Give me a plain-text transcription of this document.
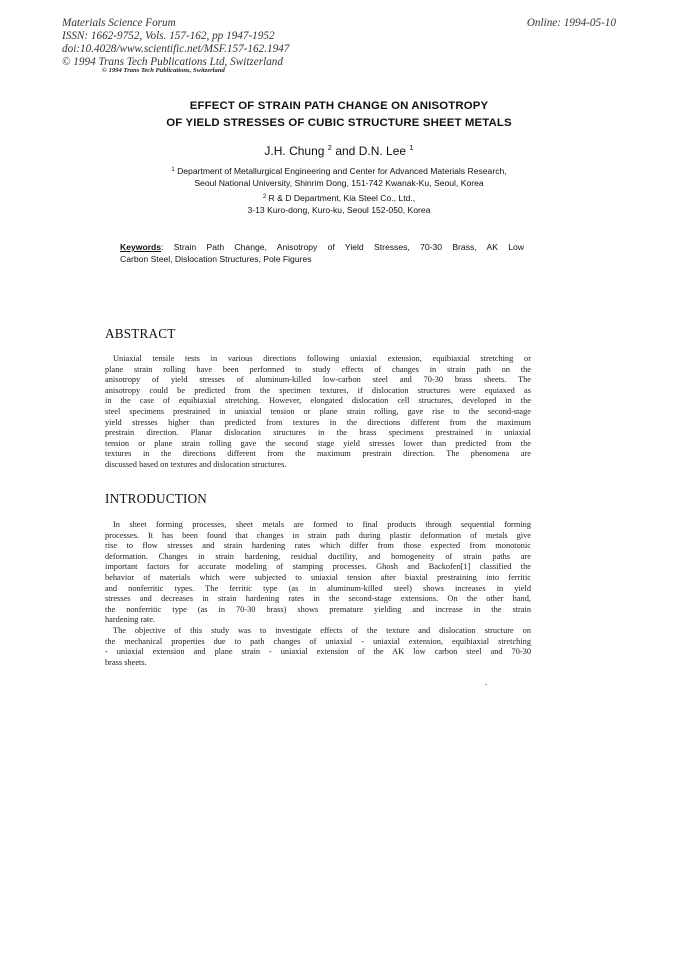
Materials Science Forum
ISSN: 1662-9752, Vols. 157-162, pp 1947-1952
doi:10.4028/www.scientific.net/MSF.157-162.1947
© 1994 Trans Tech Publications Ltd, Switzerland
Online: 1994-05-10
© 1994 Trans Tech Publications, Switzerland
EFFECT OF STRAIN PATH CHANGE ON ANISOTROPY
OF YIELD STRESSES OF CUBIC STRUCTURE SHEET METALS
J.H. Chung $^2$ and D.N. Lee $^1$
$^1$ Department of Metallurgical Engineering and Center for Advanced Materials Research,
Seoul National University, Shinrim Dong, 151-742 Kwanak-Ku, Seoul, Korea
$^2$ R & D Department, Kia Steel Co., Ltd.,
3-13 Kuro-dong, Kuro-ku, Seoul 152-050, Korea
Keywords: Strain Path Change, Anisotropy of Yield Stresses, 70-30 Brass, AK Low
Carbon Steel, Dislocation Structures, Pole Figures
ABSTRACT
Uniaxial tensile tests in various directions following uniaxial extension, equibiaxial stretching or
plane strain rolling have been performed to study effects of changes in strain path on the
anisotropy of yield stresses of aluminum-killed low-carbon steel and 70-30 brass sheets. The
anisotropy could be predicted from the specimen textures, if dislocation structures were equiaxed as
in the case of equibiaxial stretching. However, elongated dislocation cell structures, developed in the
steel specimens prestrained in uniaxial tension or plane strain rolling, gave rise to the second-stage
yield stresses higher than predicted from textures in the directions different from the maximum
prestrain direction. Planar dislocation structures in the brass specimens prestrained in uniaxial
tension or plane strain rolling gave the second stage yield stresses lower than predicted from the
textures in the directions different from the maximum prestrain direction. The phenomena are
discussed based on textures and dislocation structures.
INTRODUCTION
In sheet forming processes, sheet metals are formed to final products through sequential forming
processes. It has been found that changes in strain path during plastic deformation of metals give
rise to flow stresses and strain hardening rates which differ from those expected from monotonic
deformation. Changes in strain hardening, residual ductility, and homogeneity of strain paths are
important factors for accurate modeling of stamping processes. Ghosh and Backofen[1] classified the
behavior of materials which were subjected to uniaxial tension after biaxial prestraining into ferritic
and nonferritic types. The ferritic type (as in aluminum-killed steel) shows increases in yield
stresses and decreases in strain hardening rates in the second-stage extensions. On the other hand,
the nonferritic type (as in 70-30 brass) shows premature yielding and increase in the strain
hardening rate.
The objective of this study was to investigate effects of the texture and dislocation structure on
the mechanical properties due to path changes of uniaxial - uniaxial extension, equibiaxial stretching
- uniaxial extension and plane strain - uniaxial extension of the AK low carbon steel and 70-30
brass sheets.
